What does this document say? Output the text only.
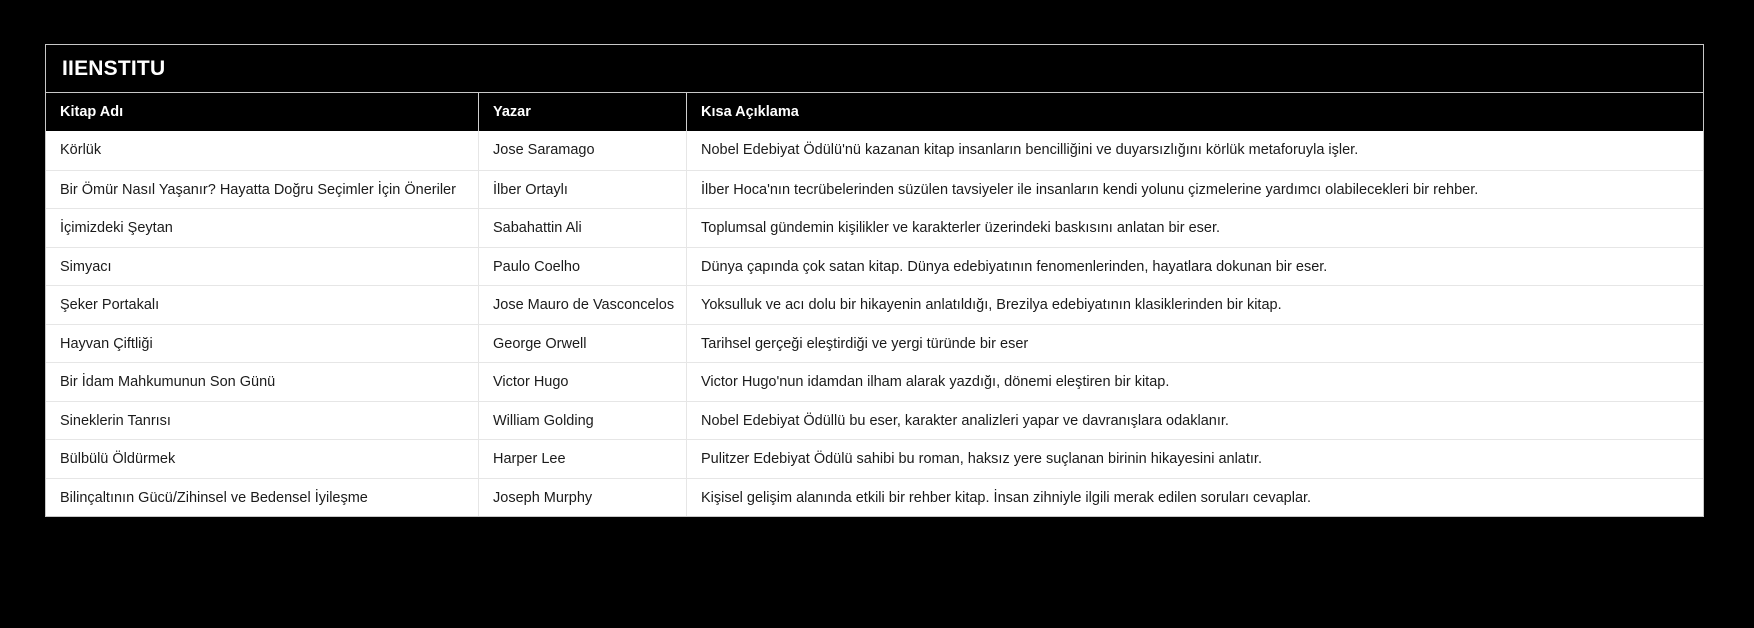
IIENSTITU
Kitap Adı	Yazar	Kısa Açıklama
Körlük	Jose Saramago	Nobel Edebiyat Ödülü'nü kazanan kitap insanların bencilliğini ve duyarsızlığını körlük metaforuyla işler.
Bir Ömür Nasıl Yaşanır? Hayatta Doğru Seçimler İçin Öneriler	İlber Ortaylı	İlber Hoca'nın tecrübelerinden süzülen tavsiyeler ile insanların kendi yolunu çizmelerine yardımcı olabilecekleri bir rehber.
İçimizdeki Şeytan	Sabahattin Ali	Toplumsal gündemin kişilikler ve karakterler üzerindeki baskısını anlatan bir eser.
Simyacı	Paulo Coelho	Dünya çapında çok satan kitap. Dünya edebiyatının fenomenlerinden, hayatlara dokunan bir eser.
Şeker Portakalı	Jose Mauro de Vasconcelos	Yoksulluk ve acı dolu bir hikayenin anlatıldığı, Brezilya edebiyatının klasiklerinden bir kitap.
Hayvan Çiftliği	George Orwell	Tarihsel gerçeği eleştirdiği ve yergi türünde bir eser
Bir İdam Mahkumunun Son Günü	Victor Hugo	Victor Hugo'nun idamdan ilham alarak yazdığı, dönemi eleştiren bir kitap.
Sineklerin Tanrısı	William Golding	Nobel Edebiyat Ödüllü bu eser, karakter analizleri yapar ve davranışlara odaklanır.
Bülbülü Öldürmek	Harper Lee	Pulitzer Edebiyat Ödülü sahibi bu roman, haksız yere suçlanan birinin hikayesini anlatır.
Bilinçaltının Gücü/Zihinsel ve Bedensel İyileşme	Joseph Murphy	Kişisel gelişim alanında etkili bir rehber kitap. İnsan zihniyle ilgili merak edilen soruları cevaplar.
